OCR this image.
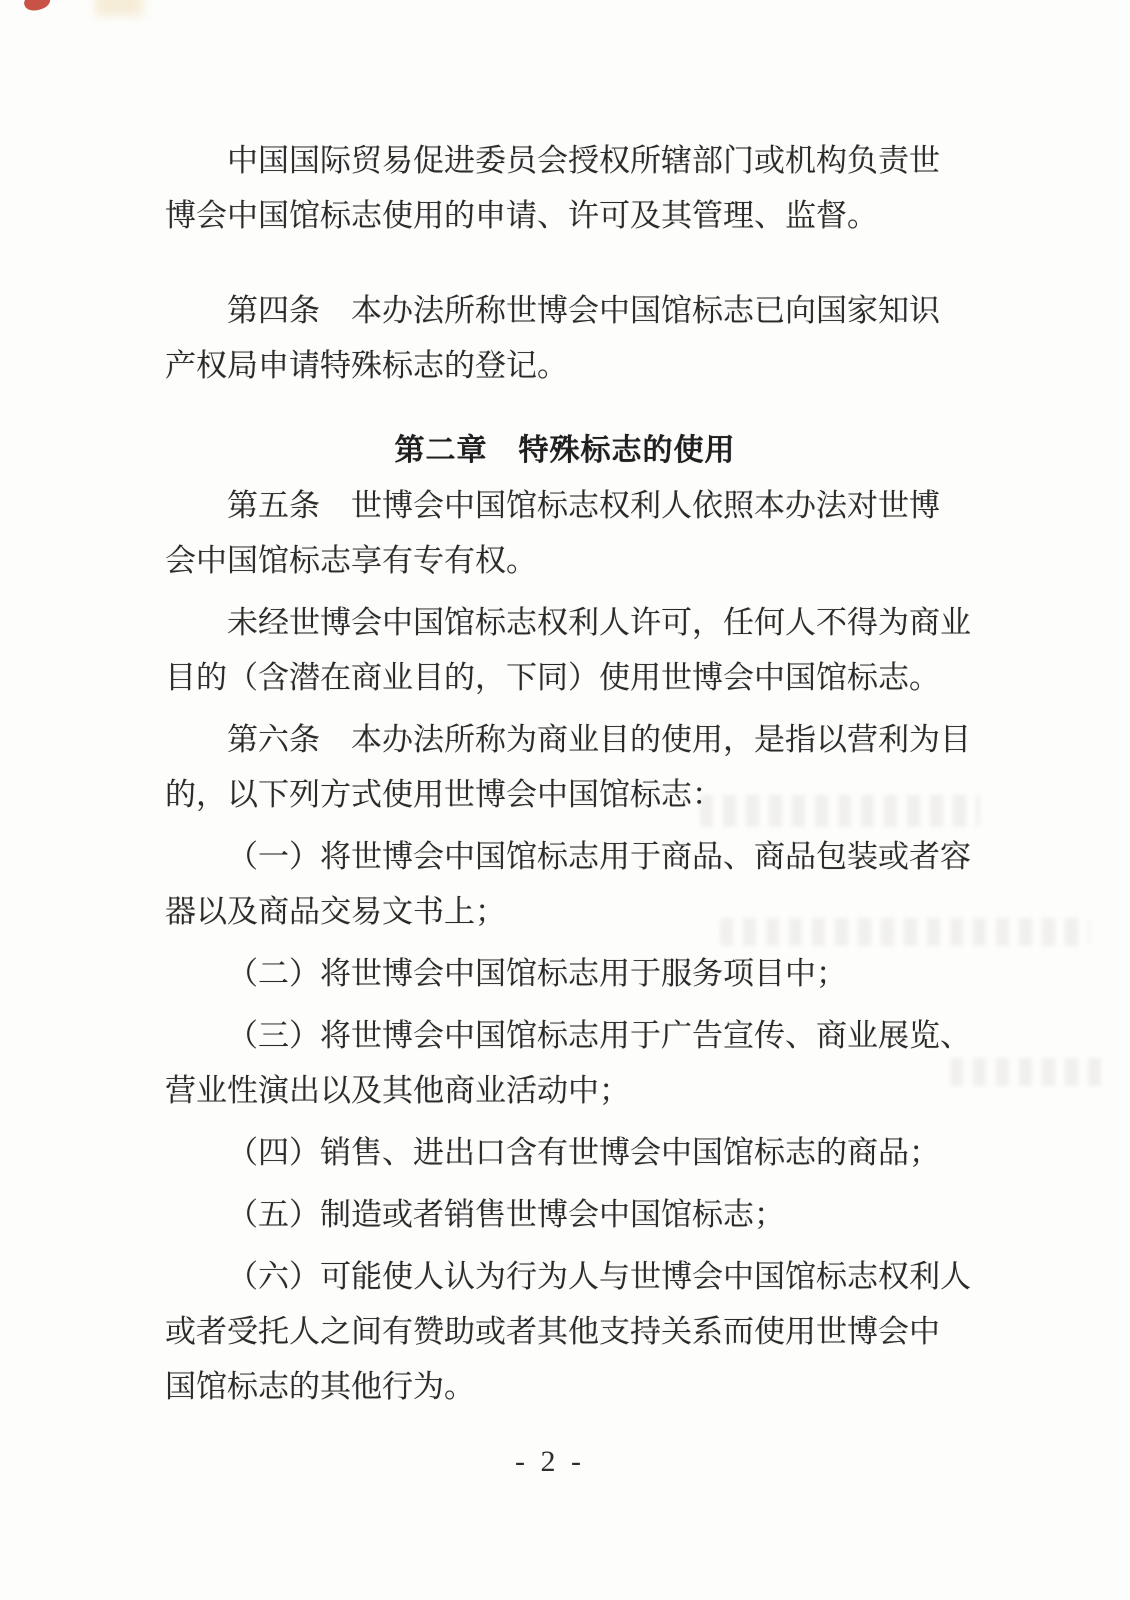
中国国际贸易促进委员会授权所辖部门或机构负责世
博会中国馆标志使用的申请、许可及其管理、监督。
第四条　本办法所称世博会中国馆标志已向国家知识
产权局申请特殊标志的登记。
第二章　特殊标志的使用
第五条　世博会中国馆标志权利人依照本办法对世博
会中国馆标志享有专有权。
未经世博会中国馆标志权利人许可，任何人不得为商业
目的（含潜在商业目的，下同）使用世博会中国馆标志。
第六条　本办法所称为商业目的使用，是指以营利为目
的，以下列方式使用世博会中国馆标志：
（一）将世博会中国馆标志用于商品、商品包装或者容
器以及商品交易文书上；
（二）将世博会中国馆标志用于服务项目中；
（三）将世博会中国馆标志用于广告宣传、商业展览、
营业性演出以及其他商业活动中；
（四）销售、进出口含有世博会中国馆标志的商品；
（五）制造或者销售世博会中国馆标志；
（六）可能使人认为行为人与世博会中国馆标志权利人
或者受托人之间有赞助或者其他支持关系而使用世博会中
国馆标志的其他行为。
- 2 -
